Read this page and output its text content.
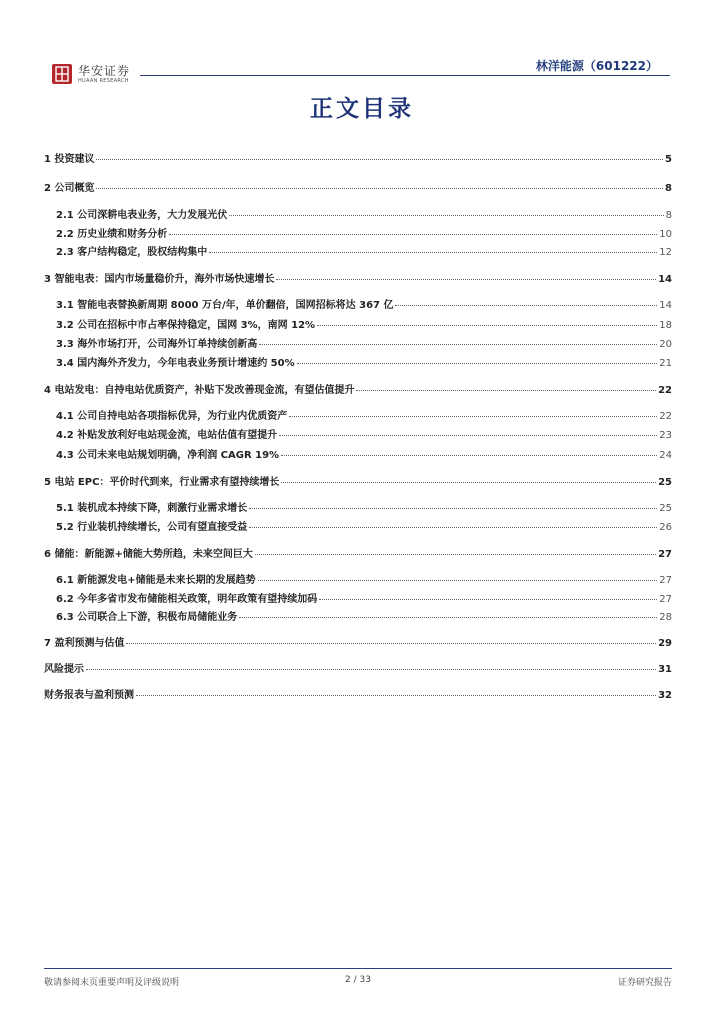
华安证券
HUAAN RESEARCH
林洋能源（601222）
正文目录
1 投资建议	5
2 公司概览	8
2.1 公司深耕电表业务，大力发展光伏	8
2.2 历史业绩和财务分析	10
2.3 客户结构稳定，股权结构集中	12
3 智能电表：国内市场量稳价升，海外市场快速增长	14
3.1 智能电表替换新周期 8000 万台/年，单价翻倍，国网招标将达 367 亿	14
3.2 公司在招标中市占率保持稳定，国网 3%，南网 12%	18
3.3 海外市场打开，公司海外订单持续创新高	20
3.4 国内海外齐发力，今年电表业务预计增速约 50%	21
4 电站发电：自持电站优质资产，补贴下发改善现金流，有望估值提升	22
4.1 公司自持电站各项指标优异，为行业内优质资产	22
4.2 补贴发放利好电站现金流，电站估值有望提升	23
4.3 公司未来电站规划明确，净利润 CAGR 19%	24
5 电站 EPC：平价时代到来，行业需求有望持续增长	25
5.1 装机成本持续下降，刺激行业需求增长	25
5.2 行业装机持续增长，公司有望直接受益	26
6 储能：新能源+储能大势所趋，未来空间巨大	27
6.1 新能源发电+储能是未来长期的发展趋势	27
6.2 今年多省市发布储能相关政策，明年政策有望持续加码	27
6.3 公司联合上下游，积极布局储能业务	28
7 盈利预测与估值	29
风险提示	31
财务报表与盈利预测	32
敬请参阅末页重要声明及评级说明	2 / 33	证券研究报告
